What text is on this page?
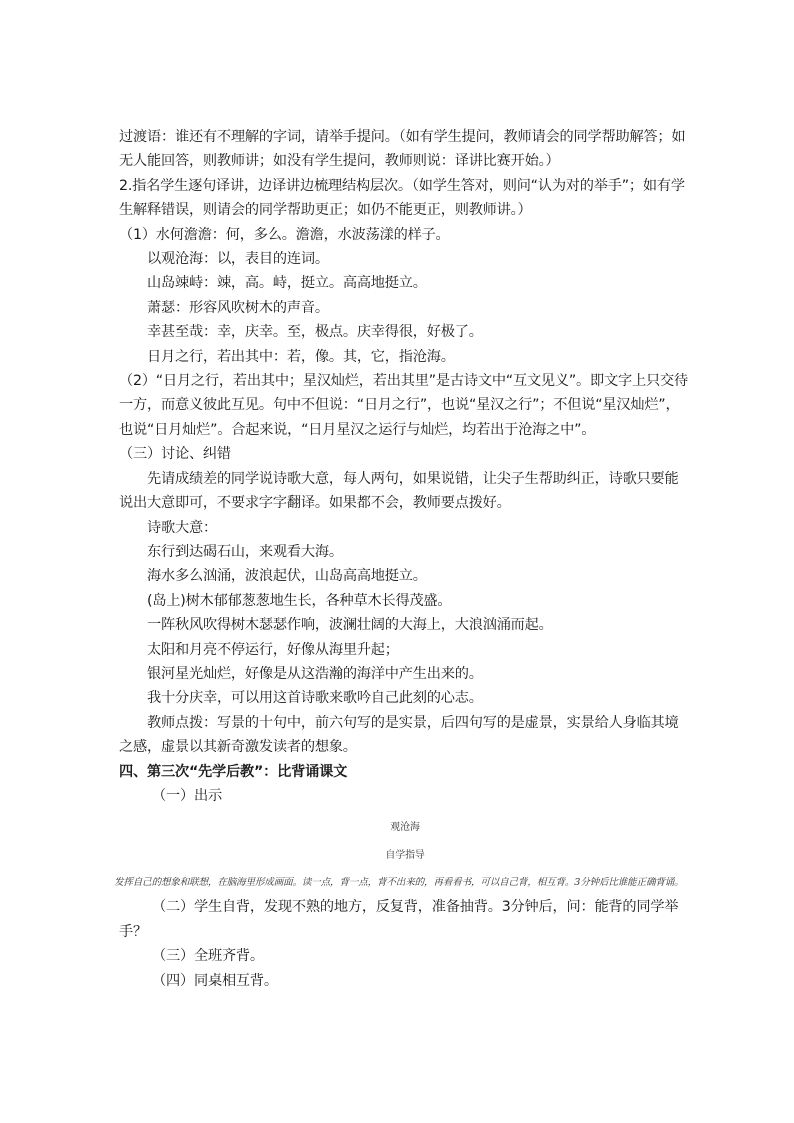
过渡语：谁还有不理解的字词，请举手提问。（如有学生提问，教师请会的同学帮助解答；如无人能回答，则教师讲；如没有学生提问，教师则说：译讲比赛开始。）

2.指名学生逐句译讲，边译讲边梳理结构层次。（如学生答对，则问“认为对的举手”；如有学生解释错误，则请会的同学帮助更正；如仍不能更正，则教师讲。）

（1）水何澹澹：何，多么。澹澹，水波荡漾的样子。

以观沧海：以，表目的连词。

山岛竦峙：竦，高。峙，挺立。高高地挺立。

萧瑟：形容风吹树木的声音。

幸甚至哉：幸，庆幸。至，极点。庆幸得很，好极了。

日月之行，若出其中：若，像。其，它，指沧海。

（2）“日月之行，若出其中；星汉灿烂，若出其里”是古诗文中“互文见义”。即文字上只交待一方，而意义彼此互见。句中不但说：“日月之行”，也说“星汉之行”；不但说“星汉灿烂”，也说“日月灿烂”。合起来说，“日月星汉之运行与灿烂，均若出于沧海之中”。

（三）讨论、纠错

先请成绩差的同学说诗歌大意，每人两句，如果说错，让尖子生帮助纠正，诗歌只要能说出大意即可，不要求字字翻译。如果都不会，教师要点拨好。

诗歌大意：

东行到达碣石山，来观看大海。

海水多么汹涌，波浪起伏，山岛高高地挺立。

(岛上)树木郁郁葱葱地生长，各种草木长得茂盛。

一阵秋风吹得树木瑟瑟作响，波澜壮阔的大海上，大浪汹涌而起。

太阳和月亮不停运行，好像从海里升起；

银河星光灿烂，好像是从这浩瀚的海洋中产生出来的。

我十分庆幸，可以用这首诗歌来歌吟自己此刻的心志。

教师点拨：写景的十句中，前六句写的是实景，后四句写的是虚景，实景给人身临其境之感，虚景以其新奇激发读者的想象。

四、第三次“先学后教”：比背诵课文

（一）出示

观沧海
自学指导

发挥自己的想象和联想，在脑海里形成画面。读一点，背一点，背不出来的，再看看书，可以自己背，相互背。3分钟后比谁能正确背诵。

（二）学生自背，发现不熟的地方，反复背，准备抽背。3分钟后，问：能背的同学举手？

（三）全班齐背。

（四）同桌相互背。
